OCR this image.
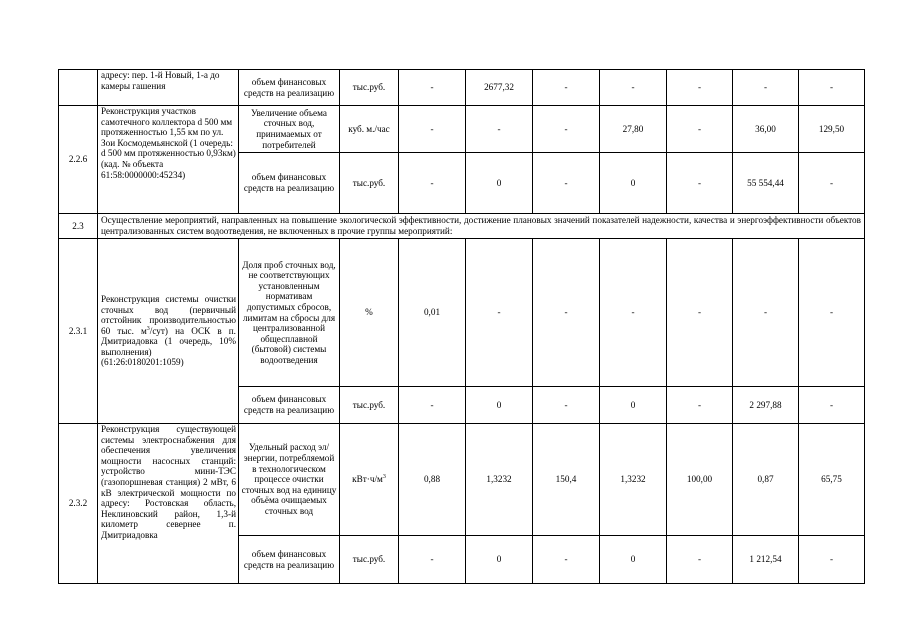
	адресу: пер. 1-й Новый, 1-а до камеры гашения	объем финансовых средств на реализацию	тыс.руб.	-	2677,32	-	-	-	-	-
2.2.6	Реконструкция участков самотечного коллектора d 500 мм протяженностью 1,55 км по ул. Зои Космодемьянской (1 очередь: d 500 мм протяженностью 0,93км) (кад. № объекта 61:58:0000000:45234)	Увеличение объема сточных вод, принимаемых от потребителей	куб. м./час	-	-	-	27,80	-	36,00	129,50
		объем финансовых средств на реализацию	тыс.руб.	-	0	-	0	-	55 554,44	-
2.3	Осуществление мероприятий, направленных на повышение экологической эффективности, достижение плановых значений показателей надежности, качества и энергоэффективности объектов централизованных систем водоотведения, не включенных в прочие группы мероприятий:									
2.3.1	Реконструкция системы очистки сточных вод (первичный отстойник производительностью 60 тыс. $м^3/сут$) на ОСК в п. Дмитриадовка (1 очередь, 10% выполнения) (61:26:0180201:1059)	Доля проб сточных вод, не соответствующих установленным нормативам допустимых сбросов, лимитам на сбросы для централизованной общесплавной (бытовой) системы водоотведения	%	0,01	-	-	-	-	-	-
		объем финансовых средств на реализацию	тыс.руб.	-	0	-	0	-	2 297,88	-
2.3.2	Реконструкция существующей системы электроснабжения для обеспечения увеличения мощности насосных станций: устройство мини-ТЭС (газопоршневая станция) 2 мВт, 6 кВ электрической мощности по адресу: Ростовская область, Неклиновский район, 1,3-й километр севернее п. Дмитриадовка	Удельный расход эл/энергии, потребляемой в технологическом процессе очистки сточных вод на единицу объёма очищаемых сточных вод	$кВт\cdot ч/м^3$	0,88	1,3232	150,4	1,3232	100,00	0,87	65,75
		объем финансовых средств на реализацию	тыс.руб.	-	0	-	0	-	1 212,54	-
